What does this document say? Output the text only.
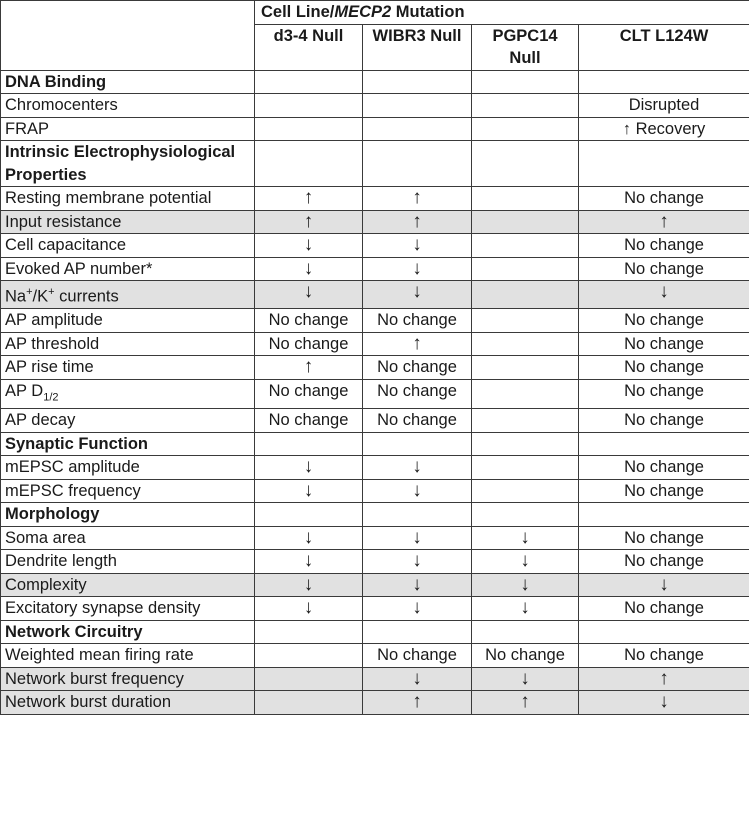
	Cell Line/MECP2 Mutation			
	d3-4 Null	WIBR3 Null	PGPC14 Null	CLT L124W
DNA Binding				
Chromocenters				Disrupted
FRAP				↑ Recovery
Intrinsic Electrophysiological Properties				
Resting membrane potential	↑	↑		No change
Input resistance	↑	↑		↑
Cell capacitance	↓	↓		No change
Evoked AP number*	↓	↓		No change
Na+/K+ currents	↓	↓		↓
AP amplitude	No change	No change		No change
AP threshold	No change	↑		No change
AP rise time	↑	No change		No change
AP $D_{1/2}$	No change	No change		No change
AP decay	No change	No change		No change
Synaptic Function				
mEPSC amplitude	↓	↓		No change
mEPSC frequency	↓	↓		No change
Morphology				
Soma area	↓	↓	↓	No change
Dendrite length	↓	↓	↓	No change
Complexity	↓	↓	↓	↓
Excitatory synapse density	↓	↓	↓	No change
Network Circuitry				
Weighted mean firing rate		No change	No change	No change
Network burst frequency		↓	↓	↑
Network burst duration		↑	↑	↓
